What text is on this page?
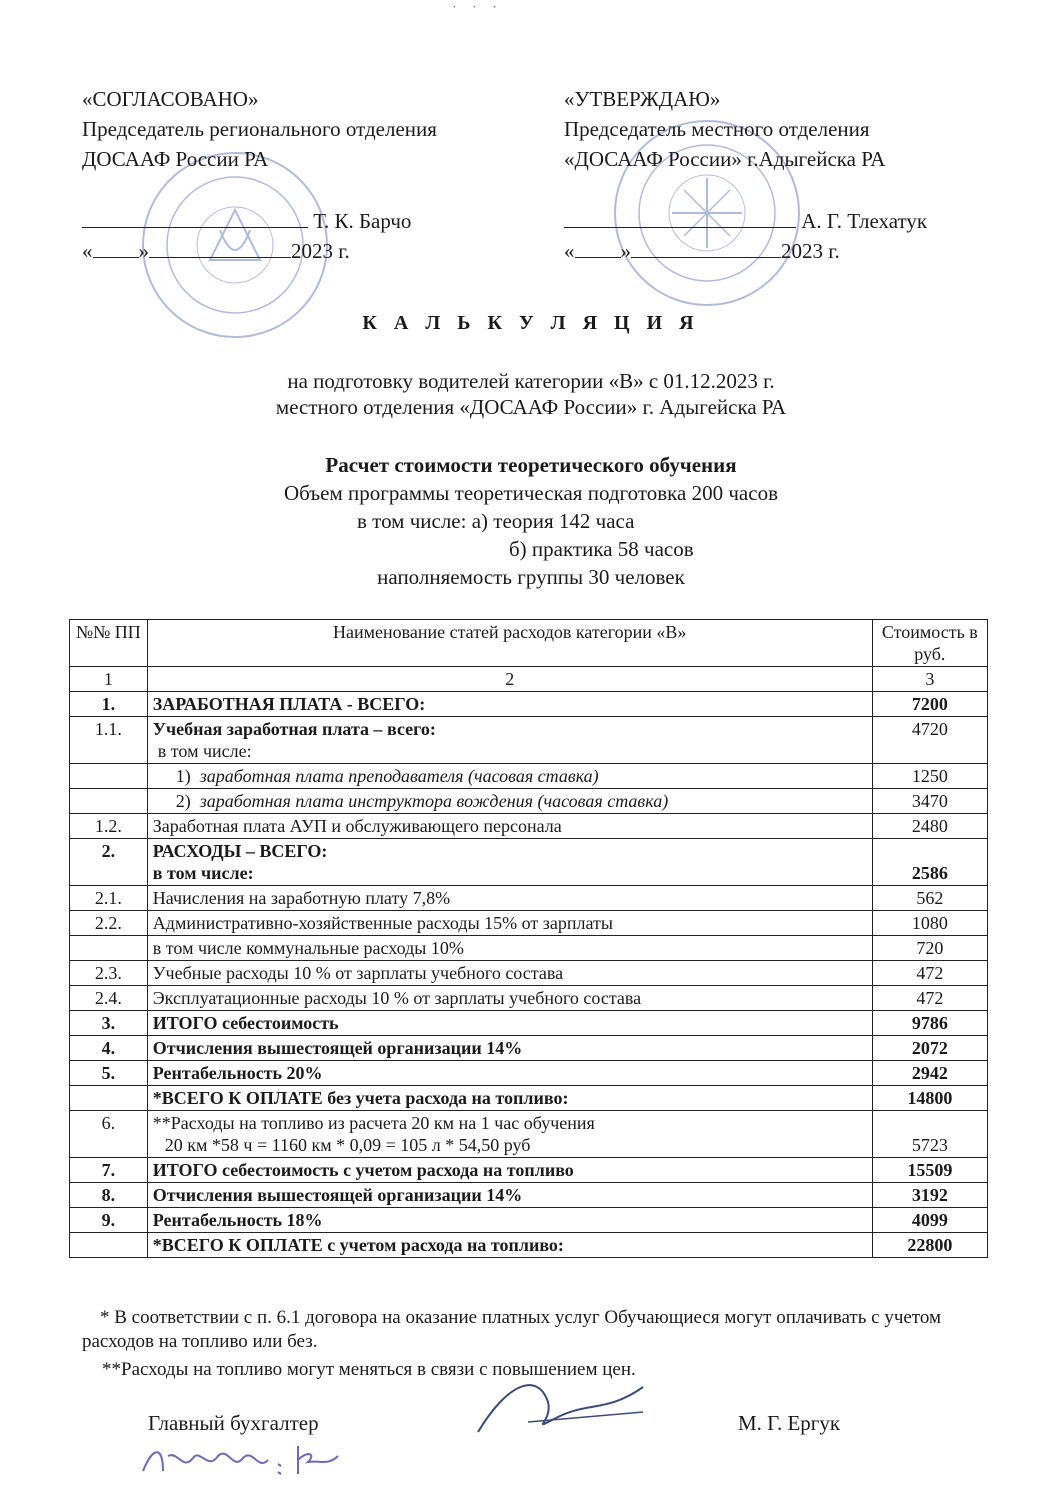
˙ ˙ ˙
«СОГЛАСОВАНО»
Председатель регионального отделения
ДОСААФ России РА
Т. К. Барчо
« »	2023 г.
«УТВЕРЖДАЮ»
Председатель местного отделения
«ДОСААФ России» г.Адыгейска РА
А. Г. Тлехатук
« »	2023 г.
К А Л Ь К У Л Я Ц И Я
на подготовку водителей категории «В» с 01.12.2023 г.
местного отделения «ДОСААФ России» г. Адыгейска РА
Расчет стоимости теоретического обучения
Объем программы теоретическая подготовка 200 часов
в том числе: а) теория 142 часа
б) практика 58 часов
наполняемость группы 30 человек
№№ ПП	Наименование статей расходов категории «В»	Стоимость в руб.
1	2	3
1.	ЗАРАБОТНАЯ ПЛАТА - ВСЕГО:	7200
1.1.	Учебная заработная плата – всего:
в том числе:	4720
	1) заработная плата преподавателя (часовая ставка)	1250
	2) заработная плата инструктора вождения (часовая ставка)	3470
1.2.	Заработная плата АУП и обслуживающего персонала	2480
2.	РАСХОДЫ – ВСЕГО:
в том числе:	2586
2.1.	Начисления на заработную плату 7,8%	562
2.2.	Административно-хозяйственные расходы 15% от зарплаты	1080
	в том числе коммунальные расходы 10%	720
2.3.	Учебные расходы 10 % от зарплаты учебного состава	472
2.4.	Эксплуатационные расходы 10 % от зарплаты учебного состава	472
3.	ИТОГО себестоимость	9786
4.	Отчисления вышестоящей организации 14%	2072
5.	Рентабельность 20%	2942
	*ВСЕГО К ОПЛАТЕ без учета расхода на топливо:	14800
6.	**Расходы на топливо из расчета 20 км на 1 час обучения
20 км *58 ч = 1160 км * 0,09 = 105 л * 54,50 руб	5723
7.	ИТОГО себестоимость с учетом расхода на топливо	15509
8.	Отчисления вышестоящей организации 14%	3192
9.	Рентабельность 18%	4099
	*ВСЕГО К ОПЛАТЕ с учетом расхода на топливо:	22800
* В соответствии с п. 6.1 договора на оказание платных услуг Обучающиеся могут оплачивать с учетом расходов на топливо или без.
**Расходы на топливо могут меняться в связи с повышением цен.
Главный бухгалтер	М. Г. Ергук
